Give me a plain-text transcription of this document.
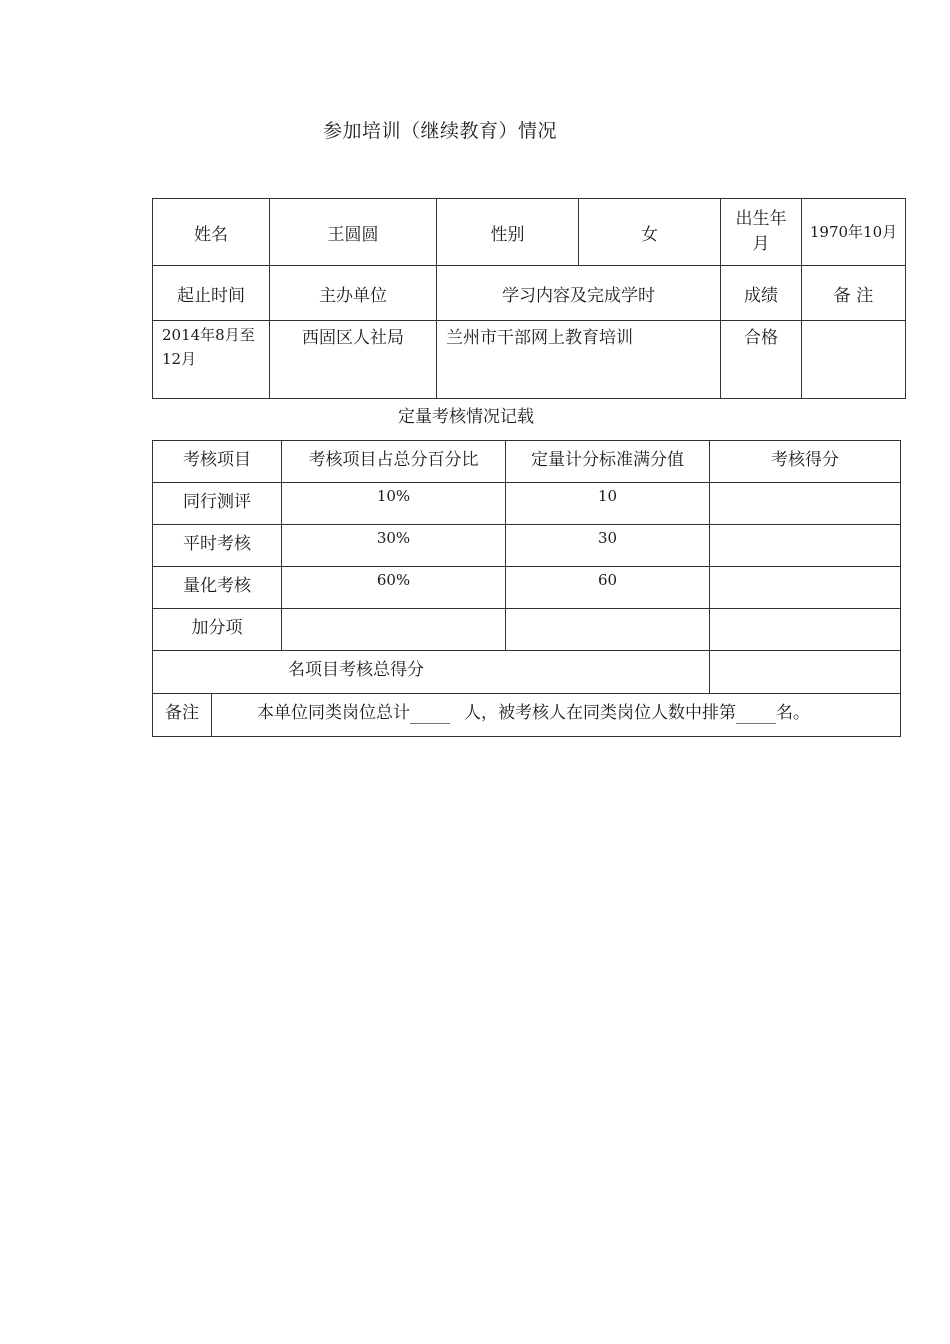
参加培训（继续教育）情况
姓名	王圆圆	性别	女	出生年月	1970年10月
起止时间	主办单位	学习内容及完成学时		成绩	备 注
2014年8月至12月	西固区人社局	兰州市干部网上教育培训		合格	
定量考核情况记载
考核项目		考核项目占总分百分比	定量计分标准满分值	考核得分
同行测评		10%	10	
平时考核		30%	30	
量化考核		60%	60	
加分项				
名项目考核总得分				
备注	本单位同类岗位总计 人，被考核人在同类岗位人数中排第 名。			
